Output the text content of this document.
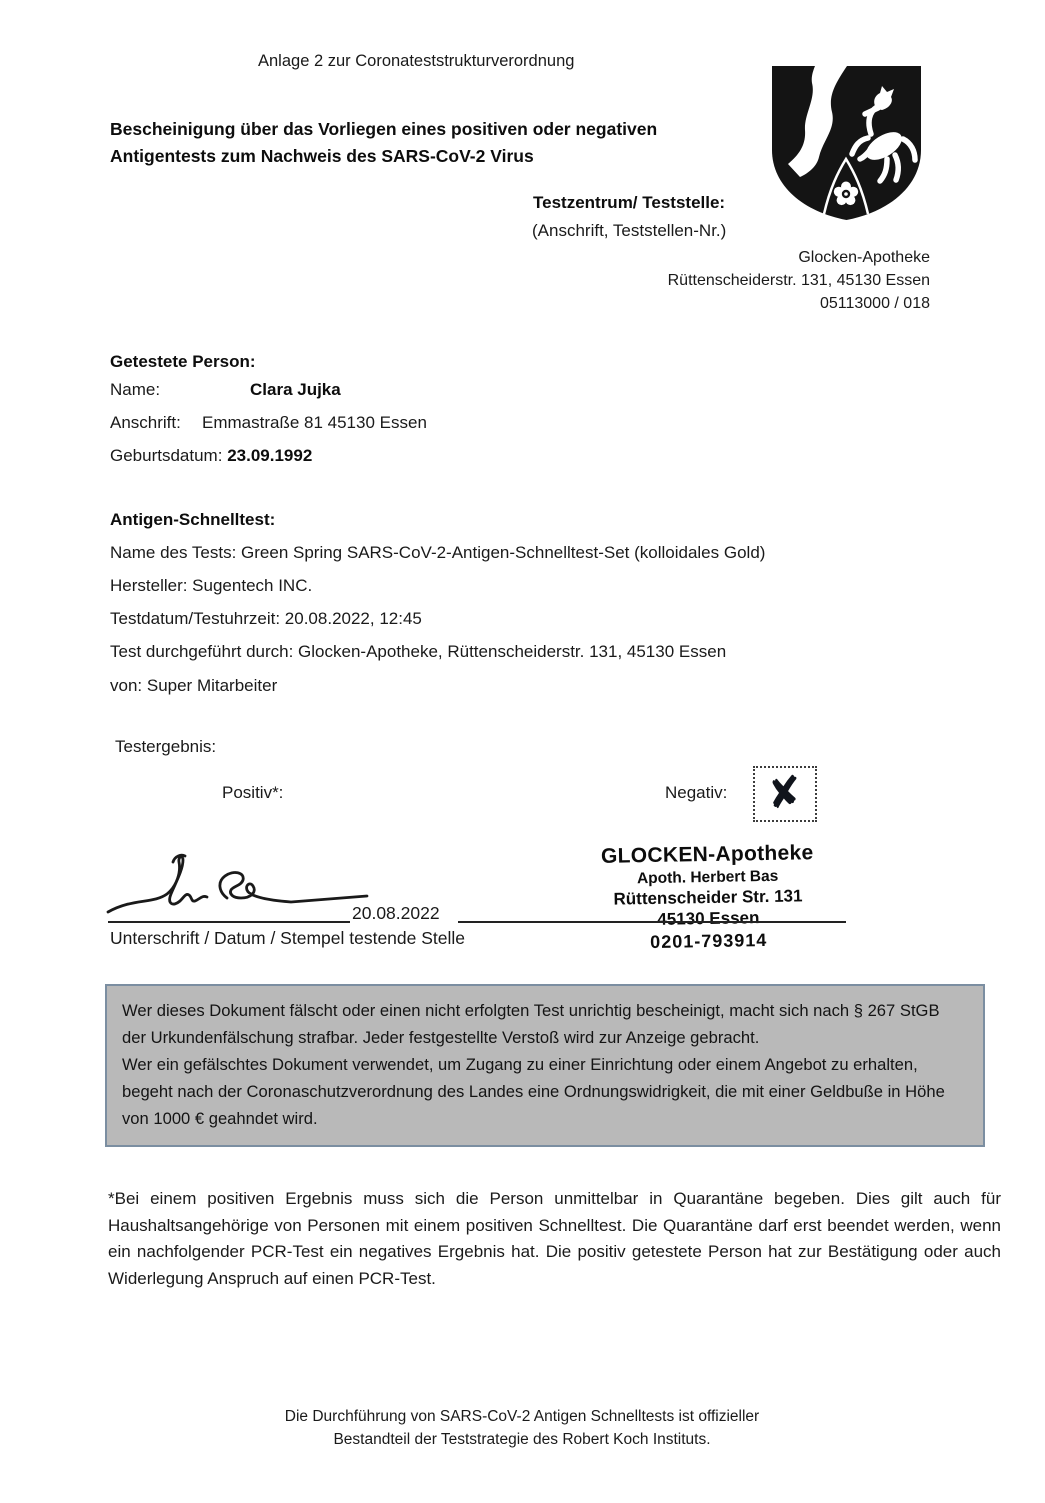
Anlage 2 zur Coronateststrukturverordnung
Bescheinigung über das Vorliegen eines positiven oder negativen
Antigentests zum Nachweis des SARS-CoV-2 Virus
Testzentrum/ Teststelle:
(Anschrift, Teststellen-Nr.)
Glocken-Apotheke
Rüttenscheiderstr. 131, 45130 Essen
05113000 / 018
Getestete Person:
Name:	Clara Jujka
Anschrift: Emmastraße 81 45130 Essen
Geburtsdatum: 23.09.1992
Antigen-Schnelltest:
Name des Tests: Green Spring SARS-CoV-2-Antigen-Schnelltest-Set (kolloidales Gold)
Hersteller: Sugentech INC.
Testdatum/Testuhrzeit: 20.08.2022, 12:45
Test durchgeführt durch: Glocken-Apotheke, Rüttenscheiderstr. 131, 45130 Essen
von: Super Mitarbeiter
Testergebnis:
Positiv*:	Negativ: ✘
GLOCKEN-Apotheke
Apoth. Herbert Bas
Rüttenscheider Str. 131
45130 Essen
0201-793914
20.08.2022
Unterschrift / Datum / Stempel testende Stelle

Wer dieses Dokument fälscht oder einen nicht erfolgten Test unrichtig bescheinigt, macht sich nach § 267 StGB der Urkundenfälschung strafbar. Jeder festgestellte Verstoß wird zur Anzeige gebracht.

Wer ein gefälschtes Dokument verwendet, um Zugang zu einer Einrichtung oder einem Angebot zu erhalten, begeht nach der Coronaschutzverordnung des Landes eine Ordnungswidrigkeit, die mit einer Geldbuße in Höhe von 1000 € geahndet wird.

*Bei einem positiven Ergebnis muss sich die Person unmittelbar in Quarantäne begeben. Dies gilt auch für Haushaltsangehörige von Personen mit einem positiven Schnelltest. Die Quarantäne darf erst beendet werden, wenn ein nachfolgender PCR-Test ein negatives Ergebnis hat. Die positiv getestete Person hat zur Bestätigung oder auch Widerlegung Anspruch auf einen PCR-Test.
Die Durchführung von SARS-CoV-2 Antigen Schnelltests ist offizieller
Bestandteil der Teststrategie des Robert Koch Instituts.
